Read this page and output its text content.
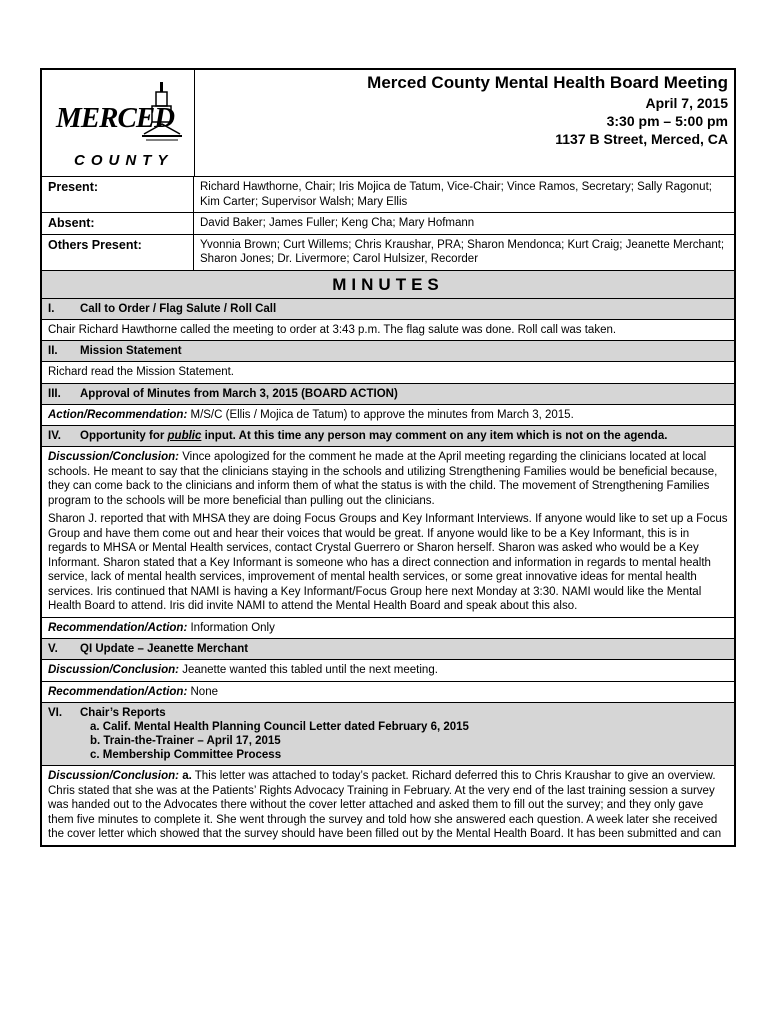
MERCED
COUNTY
Merced County Mental Health Board Meeting
April 7, 2015
3:30 pm – 5:00 pm
1137 B Street, Merced, CA
Present:	Richard Hawthorne, Chair; Iris Mojica de Tatum, Vice-Chair; Vince Ramos, Secretary; Sally Ragonut; Kim Carter; Supervisor Walsh; Mary Ellis
Absent:	David Baker; James Fuller; Keng Cha; Mary Hofmann
Others Present:	Yvonnia Brown; Curt Willems; Chris Kraushar, PRA; Sharon Mendonca; Kurt Craig; Jeanette Merchant; Sharon Jones; Dr. Livermore; Carol Hulsizer, Recorder
MINUTES
I. Call to Order / Flag Salute / Roll Call
Chair Richard Hawthorne called the meeting to order at 3:43 p.m. The flag salute was done. Roll call was taken.
II. Mission Statement
Richard read the Mission Statement.
III. Approval of Minutes from March 3, 2015 (BOARD ACTION)
Action/Recommendation: M/S/C (Ellis / Mojica de Tatum) to approve the minutes from March 3, 2015.
IV. Opportunity for public input. At this time any person may comment on any item which is not on the agenda.

Discussion/Conclusion: Vince apologized for the comment he made at the April meeting regarding the clinicians located at local schools. He meant to say that the clinicians staying in the schools and utilizing Strengthening Families would be beneficial because, they can come back to the clinicians and inform them of what the status is with the child. The movement of Strengthening Families program to the schools will be more beneficial than pulling out the clinicians.

Sharon J. reported that with MHSA they are doing Focus Groups and Key Informant Interviews. If anyone would like to set up a Focus Group and have them come out and hear their voices that would be great. If anyone would like to be a Key Informant, this is in regards to MHSA or Mental Health services, contact Crystal Guerrero or Sharon herself. Sharon was asked who would be a Key Informant. Sharon stated that a Key Informant is someone who has a direct connection and information in regards to mental health service, lack of mental health services, improvement of mental health services, or some great innovative ideas for mental health services. Iris continued that NAMI is having a Key Informant/Focus Group here next Monday at 3:30. NAMI would like the Mental Health Board to attend. Iris did invite NAMI to attend the Mental Health Board and speak about this also.

Recommendation/Action: Information Only
V. QI Update – Jeanette Merchant
Discussion/Conclusion: Jeanette wanted this tabled until the next meeting.
Recommendation/Action: None
VI. Chair’s Reports
a. Calif. Mental Health Planning Council Letter dated February 6, 2015
b. Train-the-Trainer – April 17, 2015
c. Membership Committee Process
Discussion/Conclusion: a. This letter was attached to today’s packet. Richard deferred this to Chris Kraushar to give an overview. Chris stated that she was at the Patients’ Rights Advocacy Training in February. At the very end of the last training session a survey was handed out to the Advocates there without the cover letter attached and asked them to fill out the survey; and they only gave them five minutes to complete it. She went through the survey and told how she answered each question. A week later she received the cover letter which showed that the survey should have been filled out by the Mental Health Board. It has been submitted and can
